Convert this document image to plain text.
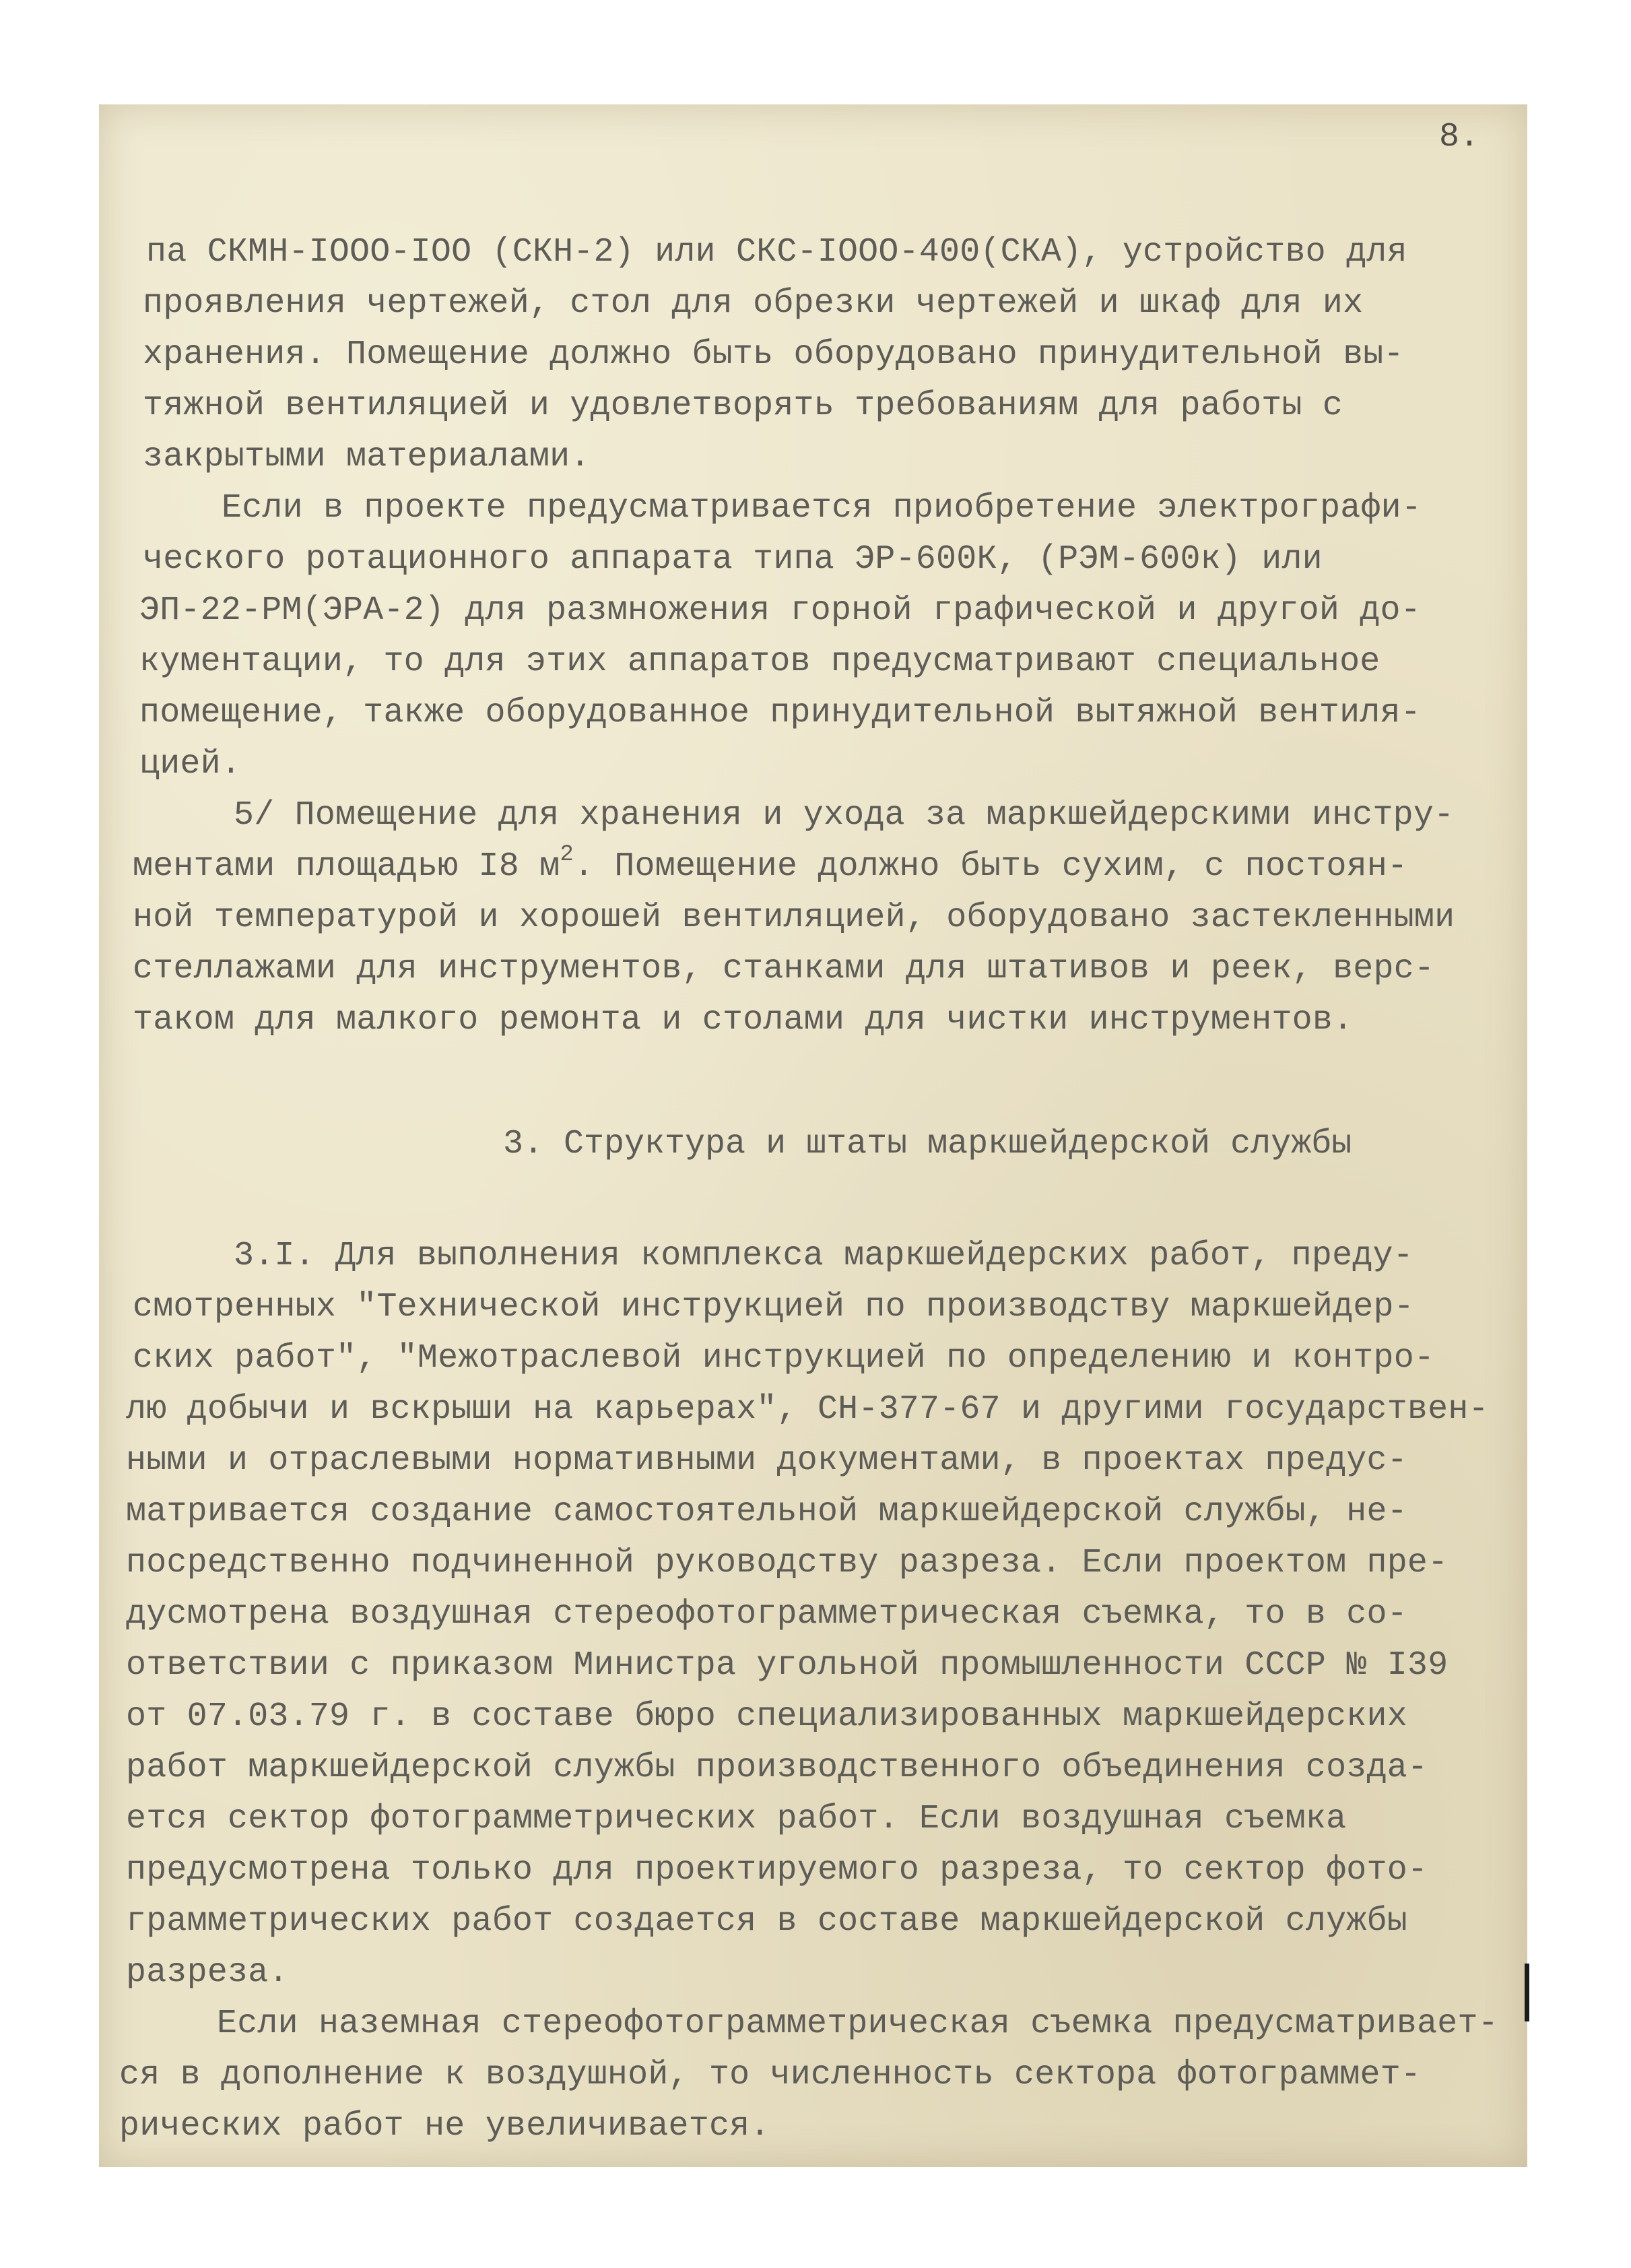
8.
па СКМН-IOOO-IOO (СКН-2) или СКС-IOOO-400(СКА), устройство для
проявления чертежей, стол для обрезки чертежей и шкаф для их
хранения. Помещение должно быть оборудовано принудительной вы-
тяжной вентиляцией и удовлетворять требованиям для работы с
закрытыми материалами.
Если в проекте предусматривается приобретение электрографи-
ческого ротационного аппарата типа ЭР-600К, (РЭМ-600к) или
ЭП-22-РМ(ЭРА-2) для размножения горной графической и другой до-
кументации, то для этих аппаратов предусматривают специальное
помещение, также оборудованное принудительной вытяжной вентиля-
цией.
5/ Помещение для хранения и ухода за маркшейдерскими инстру-
ментами площадью I8 $м^2$. Помещение должно быть сухим, с постоян-
ной температурой и хорошей вентиляцией, оборудовано застекленными
стеллажами для инструментов, станками для штативов и реек, верс-
таком для малкого ремонта и столами для чистки инструментов.
3. Структура и штаты маркшейдерской службы
3.I. Для выполнения комплекса маркшейдерских работ, преду-
смотренных "Технической инструкцией по производству маркшейдер-
ских работ", "Межотраслевой инструкцией по определению и контро-
лю добычи и вскрыши на карьерах", СН-377-67 и другими государствен-
ными и отраслевыми нормативными документами, в проектах предус-
матривается создание самостоятельной маркшейдерской службы, не-
посредственно подчиненной руководству разреза. Если проектом пре-
дусмотрена воздушная стереофотограмметрическая съемка, то в со-
ответствии с приказом Министра угольной промышленности СССР № I39
от 07.03.79 г. в составе бюро специализированных маркшейдерских
работ маркшейдерской службы производственного объединения созда-
ется сектор фотограмметрических работ. Если воздушная съемка
предусмотрена только для проектируемого разреза, то сектор фото-
грамметрических работ создается в составе маркшейдерской службы
разреза.
Если наземная стереофотограмметрическая съемка предусматривает-
ся в дополнение к воздушной, то численность сектора фотограммет-
рических работ не увеличивается.
